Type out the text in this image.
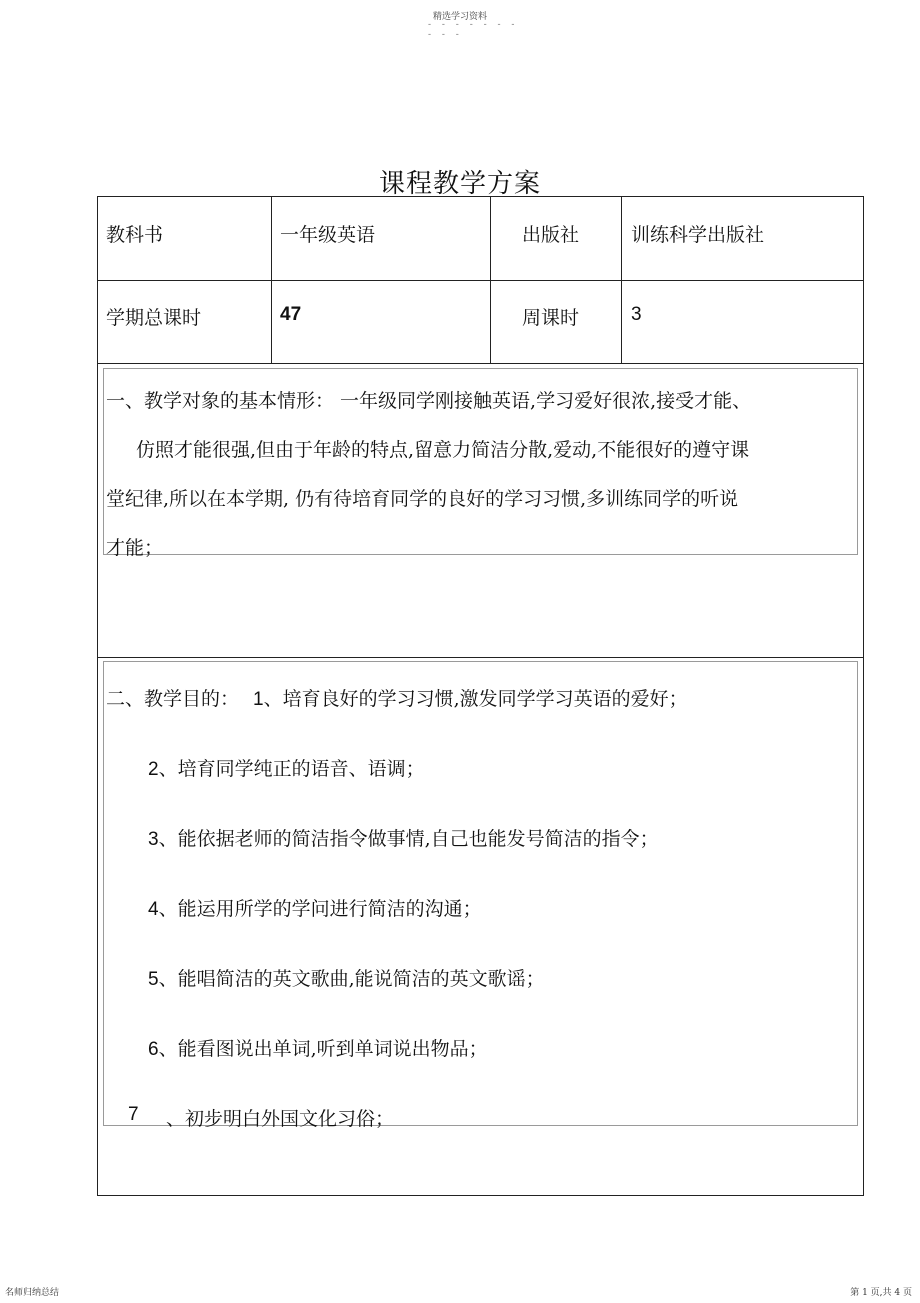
精选学习资料
- - - - - - -
- - -
课程教学方案
教科书	一年级英语	出版社	训练科学出版社
学期总课时	47	周课时	3
一、教学对象的基本情形： 一年级同学刚接触英语,学习爱好很浓,接受才能、
仿照才能很强,但由于年龄的特点,留意力简洁分散,爱动,不能很好的遵守课
堂纪律,所以在本学期, 仍有待培育同学的良好的学习习惯,多训练同学的听说
才能；
二、教学目的： 1、培育良好的学习习惯,激发同学学习英语的爱好；
2、培育同学纯正的语音、语调；
3、能依据老师的简洁指令做事情,自己也能发号简洁的指令；
4、能运用所学的学问进行简洁的沟通；
5、能唱简洁的英文歌曲,能说简洁的英文歌谣；
6、能看图说出单词,听到单词说出物品；
7 、初步明白外国文化习俗；
名师归纳总结	第 1 页,共 4 页
